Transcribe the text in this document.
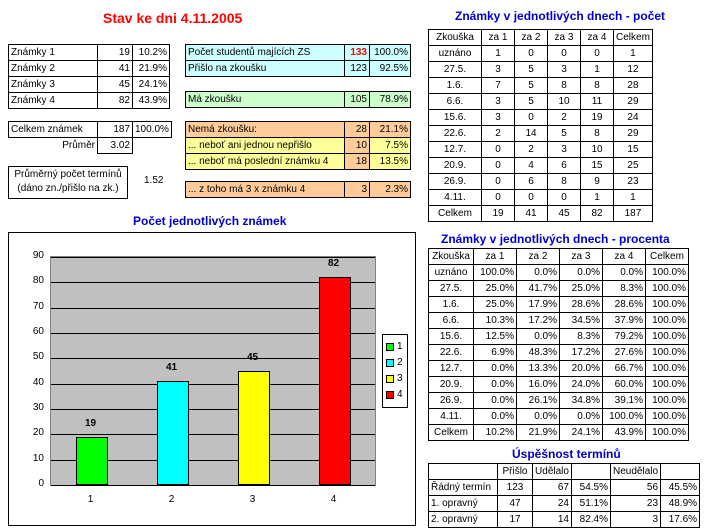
Stav ke dni 4.11.2005
Známky 1	19	10.2%
Známky 2	41	21.9%
Známky 3	45	24.1%
Známky 4	82	43.9%
Celkem známek	187	100.0%
Průměr	3.02	
Průměrný počet termínů
(dáno zn./přišlo na zk.)
1.52
Počet studentů majících ZS	133	100.0%
Přišlo na zkoušku	123	92.5%
Má zkoušku	105	78.9%
Nemá zkoušku:	28	21.1%
... neboť ani jednou nepřišlo	10	7.5%
... neboť má poslední známku 4	18	13.5%
... z toho má 3 x známku 4	3	2.3%
Známky v jednotlivých dnech - počet
Zkouška	za 1	za 2	za 3	za 4	Celkem
uznáno	1	0	0	0	1
27.5.	3	5	3	1	12
1.6.	7	5	8	8	28
6.6.	3	5	10	11	29
15.6.	3	0	2	19	24
22.6.	2	14	5	8	29
12.7.	0	2	3	10	15
20.9.	0	4	6	15	25
26.9.	0	6	8	9	23
4.11.	0	0	0	1	1

Celkem	19	41	45	82	187
Známky v jednotlivých dnech - procenta
Zkouška	za 1	za 2	za 3	za 4	Celkem
uznáno	100.0%	0.0%	0.0%	0.0%	100.0%
27.5.	25.0%	41.7%	25.0%	8.3%	100.0%
1.6.	25.0%	17.9%	28.6%	28.6%	100.0%
6.6.	10.3%	17.2%	34.5%	37.9%	100.0%
15.6.	12.5%	0.0%	8.3%	79.2%	100.0%
22.6.	6.9%	48.3%	17.2%	27.6%	100.0%
12.7.	0.0%	13.3%	20.0%	66.7%	100.0%
20.9.	0.0%	16.0%	24.0%	60.0%	100.0%
26.9.	0.0%	26.1%	34.8%	39.1%	100.0%
4.11.	0.0%	0.0%	0.0%	100.0%	100.0%

Celkem	10.2%	21.9%	24.1%	43.9%	100.0%
Úspěšnost termínů
	Přišlo	Udělalo		Neudělalo	
Řádný termín	123	67	54.5%	56	45.5%
1. opravný	47	24	51.1%	23	48.9%
2. opravný	17	14	82.4%	3	17.6%
Počet jednotlivých známek
1
2
3
4
0
10
20
30
40
50
60
70
80
90
19
1
41
2
45
3
82
4
